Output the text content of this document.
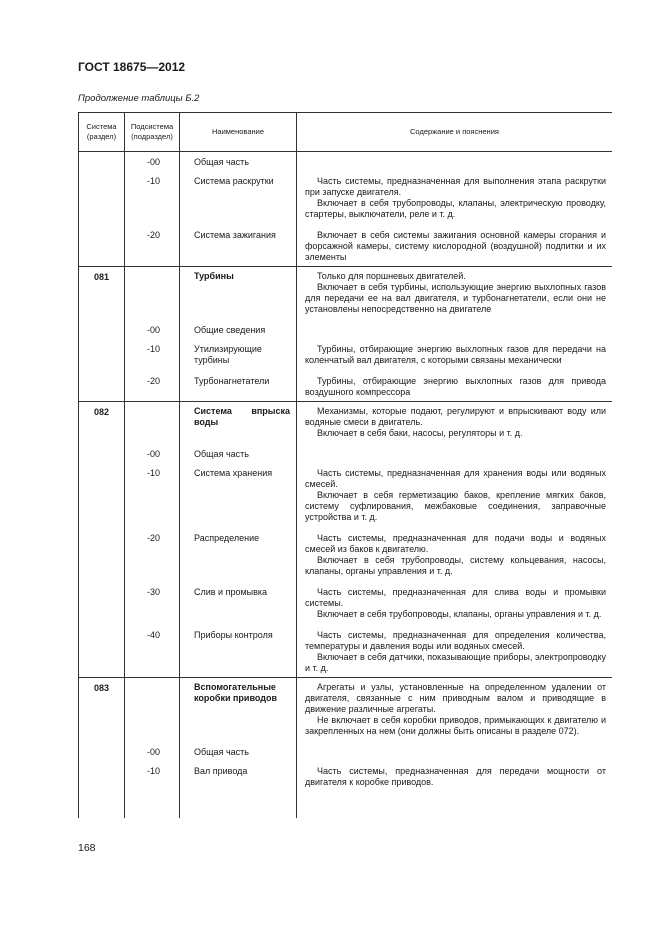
ГОСТ 18675—2012
Продолжение таблицы Б.2
Система (раздел)	Подсистема (подраздел)	Наименование	Содержание и пояснения
	-00	Общая часть	
	-10	Система раскрутки	Часть системы, предназначенная для выполнения этапа раскрутки при запуске двигателя.

Включает в себя трубопроводы, клапаны, электрическую проводку, стартеры, выключатели, реле и т. д.

	-20	Система зажигания	Включает в себя системы зажигания основной камеры сгорания и форсажной камеры, систему кислородной (воздушной) подпитки и их элементы

081		Турбины	Только для поршневых двигателей.

Включает в себя турбины, использующие энергию выхлопных газов для передачи ее на вал двигателя, и турбонагнетатели, если они не установлены непосредственно на двигателе

	-00	Общие сведения	
	-10	Утилизирующие турбины	Турбины, отбирающие энергию выхлопных газов для передачи на коленчатый вал двигателя, с которыми связаны механически

	-20	Турбонагнетатели	Турбины, отбирающие энергию выхлопных газов для привода воздушного компрессора

082		Система впрыска воды	Механизмы, которые подают, регулируют и впрыскивают воду или водяные смеси в двигатель.

Включает в себя баки, насосы, регуляторы и т. д.

	-00	Общая часть	
	-10	Система хранения	Часть системы, предназначенная для хранения воды или водяных смесей.

Включает в себя герметизацию баков, крепление мягких баков, систему суфлирования, межбаковые соединения, заправочные устройства и т. д.

	-20	Распределение	Часть системы, предназначенная для подачи воды и водяных смесей из баков к двигателю.

Включает в себя трубопроводы, систему кольцевания, насосы, клапаны, органы управления и т. д.

	-30	Слив и промывка	Часть системы, предназначенная для слива воды и промывки системы.

Включает в себя трубопроводы, клапаны, органы управления и т. д.

	-40	Приборы контроля	Часть системы, предназначенная для определения количества, температуры и давления воды или водяных смесей.

Включает в себя датчики, показывающие приборы, электропроводку и т. д.

083		Вспомогательные коробки приводов	Агрегаты и узлы, установленные на определенном удалении от двигателя, связанные с ним приводным валом и приводящие в движение различные агрегаты.

Не включает в себя коробки приводов, примыкающих к двигателю и закрепленных на нем (они должны быть описаны в разделе 072).

	-00	Общая часть	
	-10	Вал привода	Часть системы, предназначенная для передачи мощности от двигателя к коробке приводов.

168
